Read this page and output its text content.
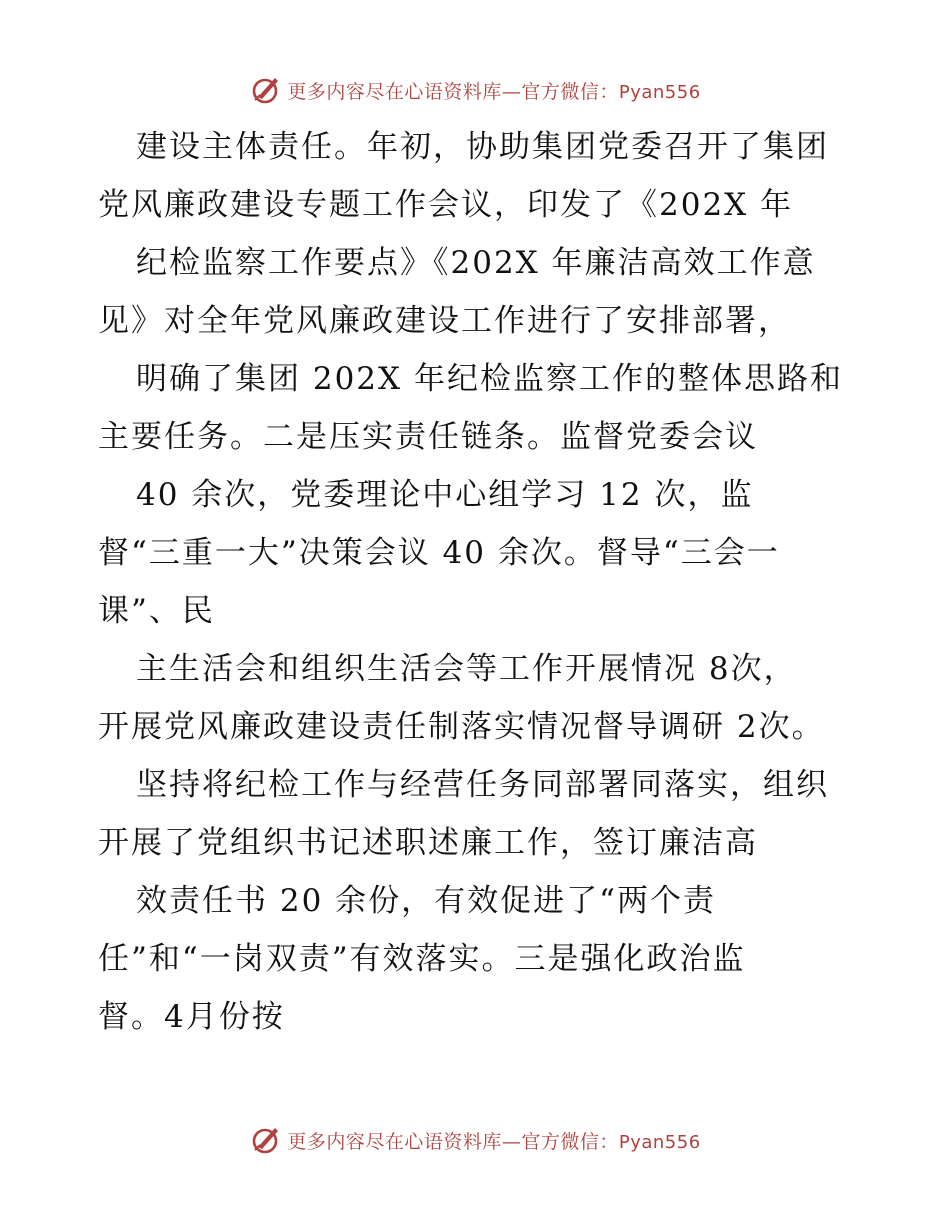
更多内容尽在心语资料库—官方微信：Pyan556
建设主体责任。年初，协助集团党委召开了集团
党风廉政建设专题工作会议，印发了《202X 年
纪检监察工作要点》《202X 年廉洁高效工作意
见》对全年党风廉政建设工作进行了安排部署，
明确了集团 202X 年纪检监察工作的整体思路和
主要任务。二是压实责任链条。监督党委会议
40 余次，党委理论中心组学习 12 次，监
督“三重一大”决策会议 40 余次。督导“三会一
课”、民
主生活会和组织生活会等工作开展情况 8次，
开展党风廉政建设责任制落实情况督导调研 2次。
坚持将纪检工作与经营任务同部署同落实，组织
开展了党组织书记述职述廉工作，签订廉洁高
效责任书 20 余份，有效促进了“两个责
任”和“一岗双责”有效落实。三是强化政治监
督。4月份按
更多内容尽在心语资料库—官方微信：Pyan556
